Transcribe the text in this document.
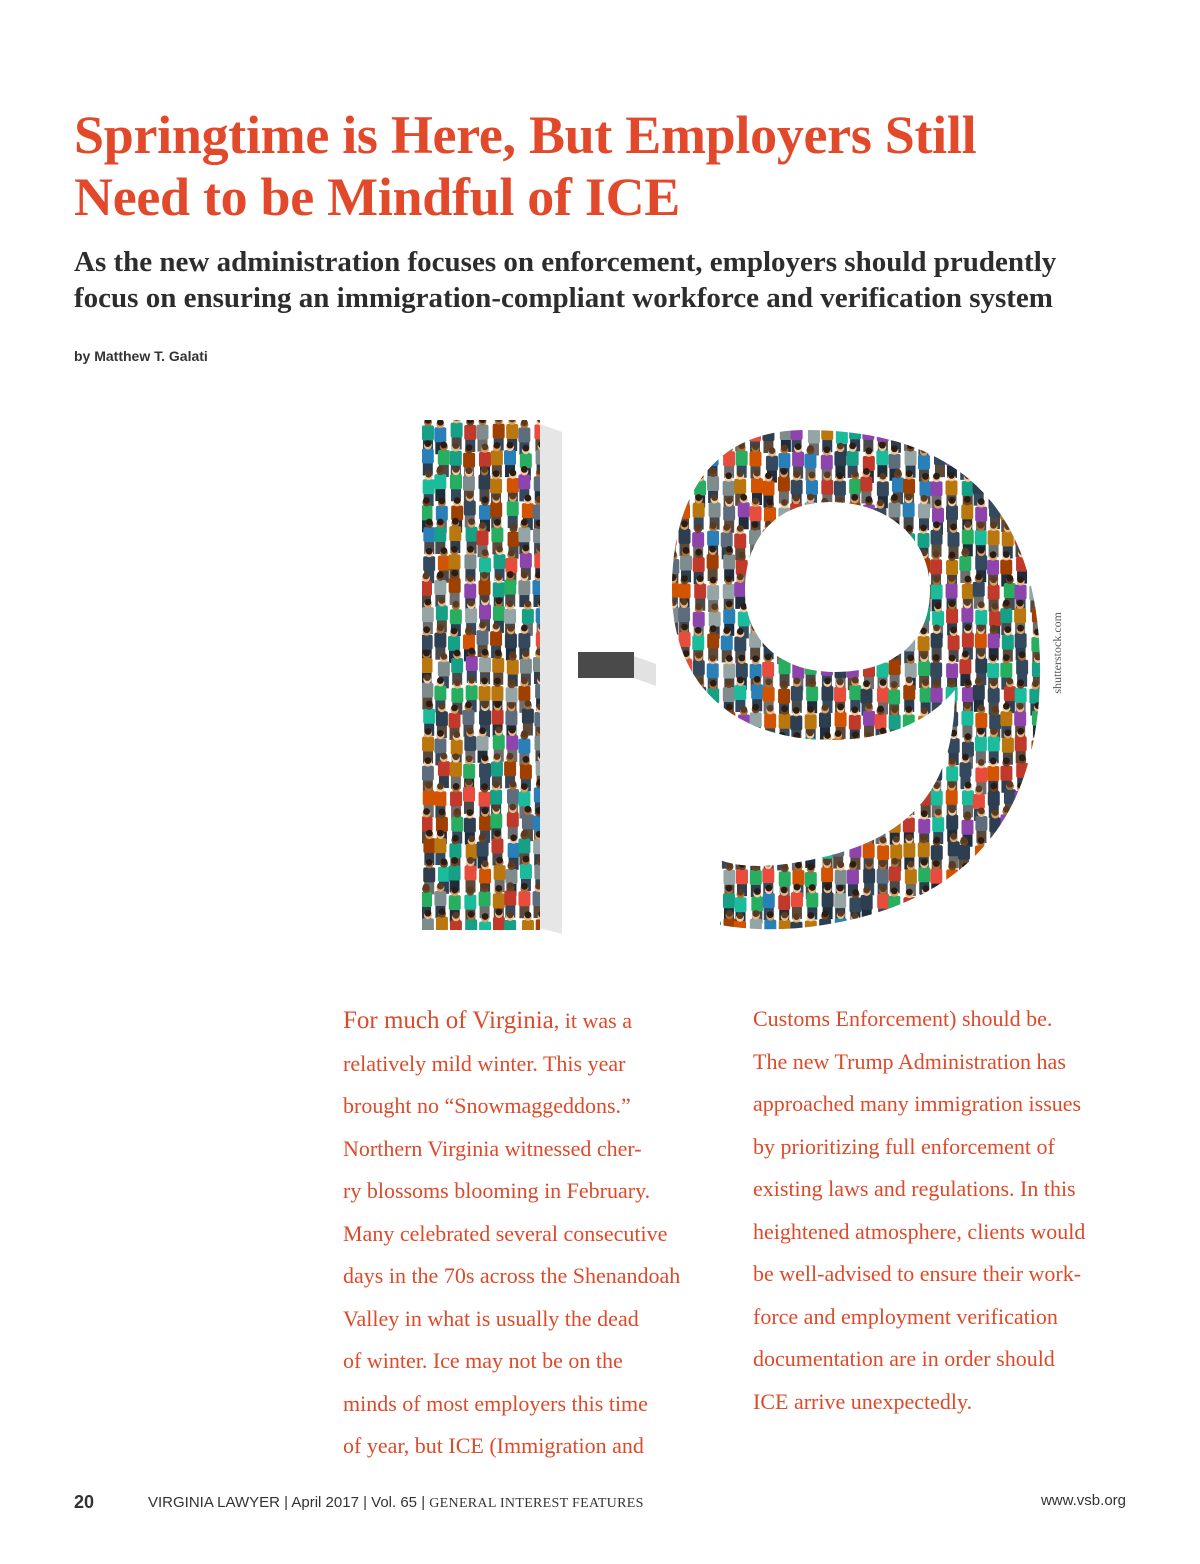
Springtime is Here, But Employers Still
Need to be Mindful of ICE
As the new administration focuses on enforcement, employers should prudently
focus on ensuring an immigration-compliant workforce and verification system
by Matthew T. Galati
shutterstock.com
For much of Virginia, it was a
relatively mild winter. This year
brought no “Snowmaggeddons.”
Northern Virginia witnessed cher-
ry blossoms blooming in February.
Many celebrated several consecutive
days in the 70s across the Shenandoah
Valley in what is usually the dead
of winter. Ice may not be on the
minds of most employers this time
of year, but ICE (Immigration and
Customs Enforcement) should be.
The new Trump Administration has
approached many immigration issues
by prioritizing full enforcement of
existing laws and regulations. In this
heightened atmosphere, clients would
be well-advised to ensure their work-
force and employment verification
documentation are in order should
ICE arrive unexpectedly.
20	VIRGINIA LAWYER | April 2017 | Vol. 65 | GENERAL INTEREST FEATURES	www.vsb.org
